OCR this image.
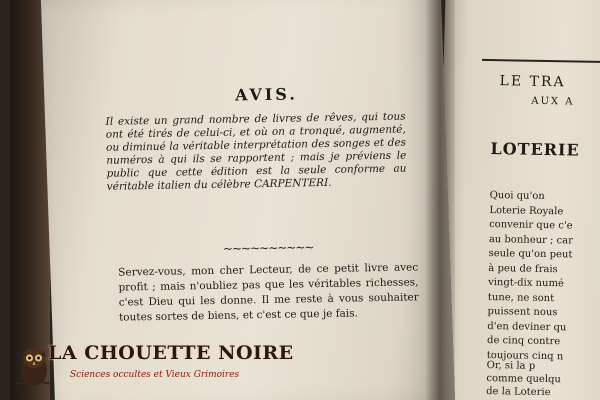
AVIS.
Il existe un grand nombre de livres de rêves, qui tous ont été tirés de celui-ci, et où on a tronqué, augmenté, ou diminué la véritable interprétation des songes et des numéros à qui ils se rapportent ; mais je préviens le public que cette édition est la seule conforme au véritable italien du célèbre CARPENTERI.
~~~~~~~~~~
Servez-vous, mon cher Lecteur, de ce petit livre avec profit ; mais n'oubliez pas que les véritables richesses, c'est Dieu qui les donne. Il me reste à vous souhaiter toutes sortes de biens, et c'est ce que je fais.
LE TRA
AUX A
LOTERIE
Quoi qu'on
Loterie Royale
convenir que c'e
au bonheur ; car
seule qu'on peut
à peu de frais
vingt-dix numé
tune, ne sont
puissent nous
d'en deviner qu
de cinq contre
toujours cinq n
Or, si la p
comme quelqu
de la Loterie
LA CHOUETTE NOIRE
Sciences occultes et Vieux Grimoires
